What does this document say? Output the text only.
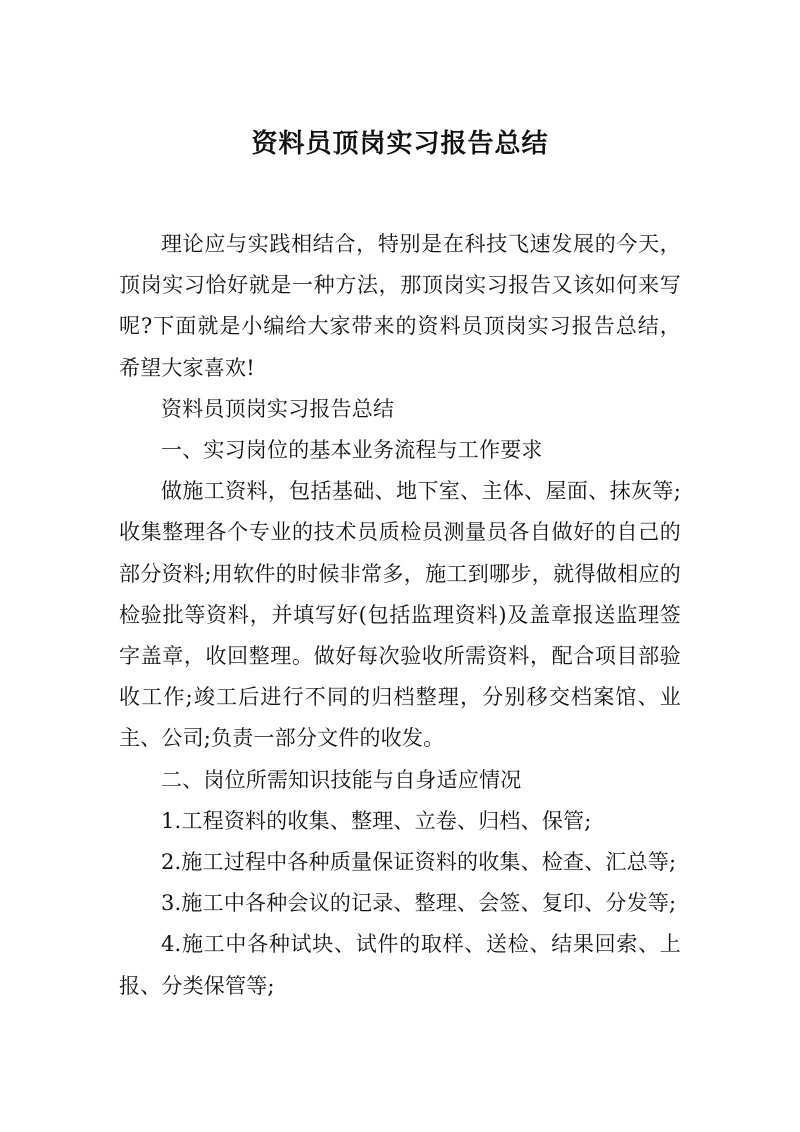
资料员顶岗实习报告总结

理论应与实践相结合，特别是在科技飞速发展的今天，顶岗实习恰好就是一种方法，那顶岗实习报告又该如何来写呢?下面就是小编给大家带来的资料员顶岗实习报告总结，希望大家喜欢!

资料员顶岗实习报告总结

一、实习岗位的基本业务流程与工作要求

做施工资料，包括基础、地下室、主体、屋面、抹灰等;收集整理各个专业的技术员质检员测量员各自做好的自己的部分资料;用软件的时候非常多，施工到哪步，就得做相应的检验批等资料，并填写好(包括监理资料)及盖章报送监理签字盖章，收回整理。做好每次验收所需资料，配合项目部验收工作;竣工后进行不同的归档整理，分别移交档案馆、业主、公司;负责一部分文件的收发。

二、岗位所需知识技能与自身适应情况

1.工程资料的收集、整理、立卷、归档、保管;

2.施工过程中各种质量保证资料的收集、检查、汇总等;

3.施工中各种会议的记录、整理、会签、复印、分发等;

4.施工中各种试块、试件的取样、送检、结果回索、上报、分类保管等;
